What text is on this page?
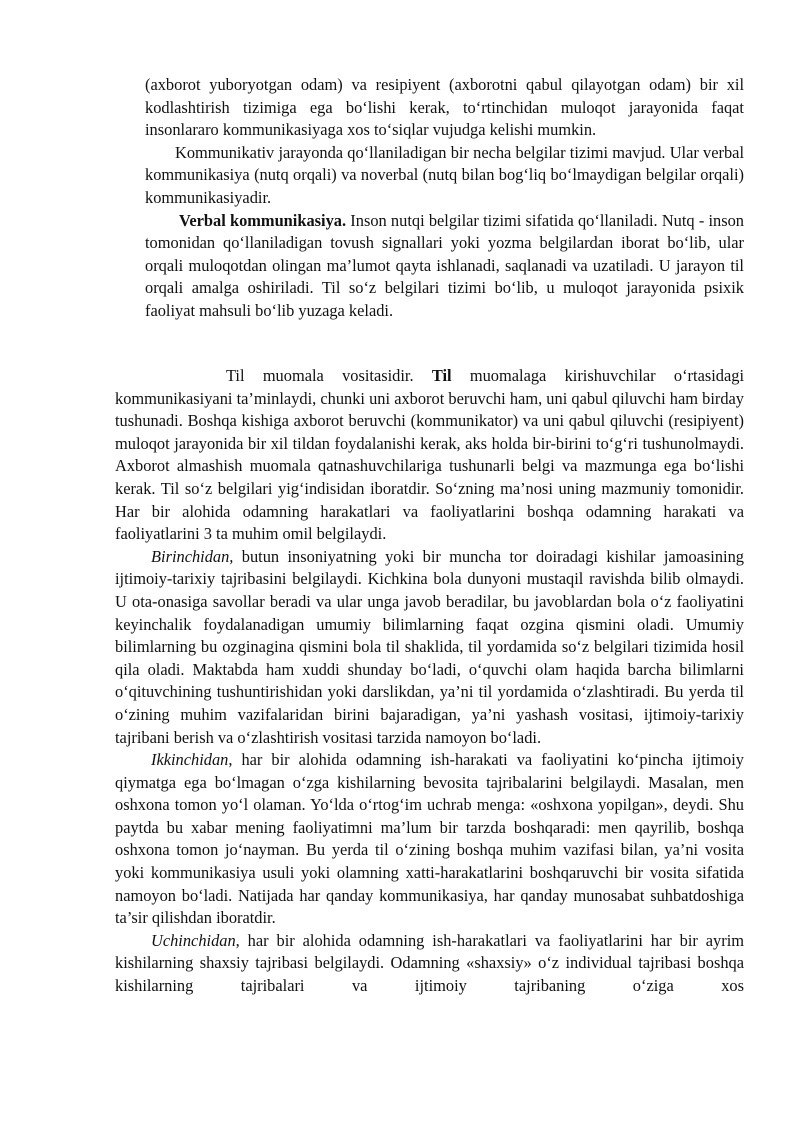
(axborot yuboryotgan odam) va resipiyent (axborotni qabul qilayotgan odam) bir xil kodlashtirish tizimiga ega bo‘lishi kerak, to‘rtinchidan muloqot jarayonida faqat insonlararo kommunikasiyaga xos to‘siqlar vujudga kelishi mumkin.

Kommunikativ jarayonda qo‘llaniladigan bir necha belgilar tizimi mavjud. Ular verbal kommunikasiya (nutq orqali) va noverbal (nutq bilan bog‘liq bo‘lmaydigan belgilar orqali) kommunikasiyadir.

Verbal kommunikasiya. Inson nutqi belgilar tizimi sifatida qo‘llaniladi. Nutq - inson tomonidan qo‘llaniladigan tovush signallari yoki yozma belgilardan iborat bo‘lib, ular orqali muloqotdan olingan ma’lumot qayta ishlanadi, saqlanadi va uzatiladi. U jarayon til orqali amalga oshiriladi. Til so‘z belgilari tizimi bo‘lib, u muloqot jarayonida psixik faoliyat mahsuli bo‘lib yuzaga keladi.

Til muomala vositasidir. Til muomalaga kirishuvchilar o‘rtasidagi kommunikasiyani ta’minlaydi, chunki uni axborot beruvchi ham, uni qabul qiluvchi ham birday tushunadi. Boshqa kishiga axborot beruvchi (kommunikator) va uni qabul qiluvchi (resipiyent) muloqot jarayonida bir xil tildan foydalanishi kerak, aks holda bir-birini to‘g‘ri tushunolmaydi. Axborot almashish muomala qatnashuvchilariga tushunarli belgi va mazmunga ega bo‘lishi kerak. Til so‘z belgilari yig‘indisidan iboratdir. So‘zning ma’nosi uning mazmuniy tomonidir. Har bir alohida odamning harakatlari va faoliyatlarini boshqa odamning harakati va faoliyatlarini 3 ta muhim omil belgilaydi.

Birinchidan, butun insoniyatning yoki bir muncha tor doiradagi kishilar jamoasining ijtimoiy-tarixiy tajribasini belgilaydi. Kichkina bola dunyoni mustaqil ravishda bilib olmaydi. U ota-onasiga savollar beradi va ular unga javob beradilar, bu javoblardan bola o‘z faoliyatini keyinchalik foydalanadigan umumiy bilimlarning faqat ozgina qismini oladi. Umumiy bilimlarning bu ozginagina qismini bola til shaklida, til yordamida so‘z belgilari tizimida hosil qila oladi. Maktabda ham xuddi shunday bo‘ladi, o‘quvchi olam haqida barcha bilimlarni o‘qituvchining tushuntirishidan yoki darslikdan, ya’ni til yordamida o‘zlashtiradi. Bu yerda til o‘zining muhim vazifalaridan birini bajaradigan, ya’ni yashash vositasi, ijtimoiy-tarixiy tajribani berish va o‘zlashtirish vositasi tarzida namoyon bo‘ladi.

Ikkinchidan, har bir alohida odamning ish-harakati va faoliyatini ko‘pincha ijtimoiy qiymatga ega bo‘lmagan o‘zga kishilarning bevosita tajribalarini belgilaydi. Masalan, men oshxona tomon yo‘l olaman. Yo‘lda o‘rtog‘im uchrab menga: «oshxona yopilgan», deydi. Shu paytda bu xabar mening faoliyatimni ma’lum bir tarzda boshqaradi: men qayrilib, boshqa oshxona tomon jo‘nayman. Bu yerda til o‘zining boshqa muhim vazifasi bilan, ya’ni vosita yoki kommunikasiya usuli yoki olamning xatti-harakatlarini boshqaruvchi bir vosita sifatida namoyon bo‘ladi. Natijada har qanday kommunikasiya, har qanday munosabat suhbatdoshiga ta’sir qilishdan iboratdir.

Uchinchidan, har bir alohida odamning ish-harakatlari va faoliyatlarini har bir ayrim kishilarning shaxsiy tajribasi belgilaydi. Odamning «shaxsiy» o‘z individual tajribasi boshqa kishilarning tajribalari va ijtimoiy tajribaning o‘ziga xos
